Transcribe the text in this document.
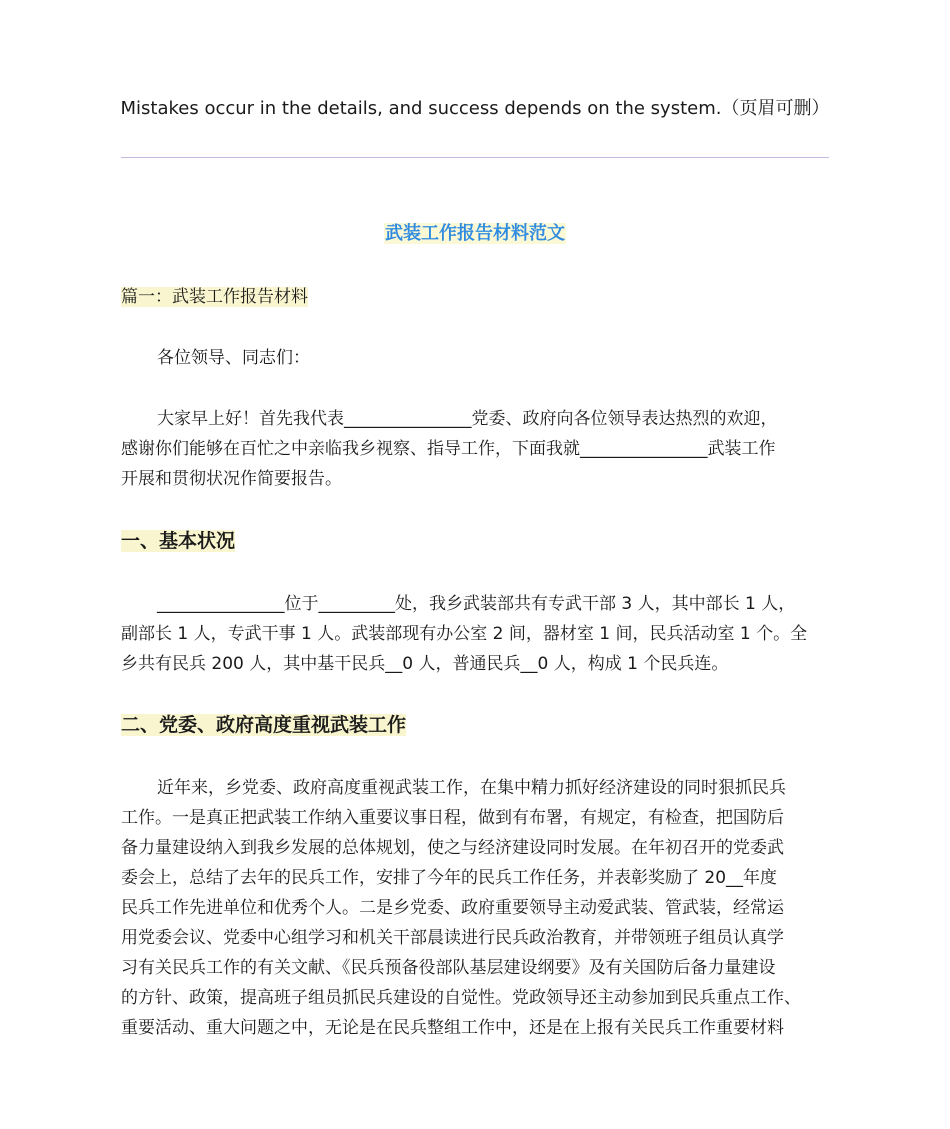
Mistakes occur in the details, and success depends on the system.（页眉可删）
武装工作报告材料范文
篇一：武装工作报告材料
各位领导、同志们：
大家早上好！首先我代表_______________党委、政府向各位领导表达热烈的欢迎，
感谢你们能够在百忙之中亲临我乡视察、指导工作，下面我就_______________武装工作
开展和贯彻状况作简要报告。
一、基本状况
_______________位于_________处，我乡武装部共有专武干部 3 人，其中部长 1 人，
副部长 1 人，专武干事 1 人。武装部现有办公室 2 间，器材室 1 间，民兵活动室 1 个。全
乡共有民兵 200 人，其中基干民兵__0 人，普通民兵__0 人，构成 1 个民兵连。
二、党委、政府高度重视武装工作
近年来，乡党委、政府高度重视武装工作，在集中精力抓好经济建设的同时狠抓民兵
工作。一是真正把武装工作纳入重要议事日程，做到有布署，有规定，有检查，把国防后
备力量建设纳入到我乡发展的总体规划，使之与经济建设同时发展。在年初召开的党委武
委会上，总结了去年的民兵工作，安排了今年的民兵工作任务，并表彰奖励了 20__年度
民兵工作先进单位和优秀个人。二是乡党委、政府重要领导主动爱武装、管武装，经常运
用党委会议、党委中心组学习和机关干部晨读进行民兵政治教育，并带领班子组员认真学
习有关民兵工作的有关文献、《民兵预备役部队基层建设纲要》及有关国防后备力量建设
的方针、政策，提高班子组员抓民兵建设的自觉性。党政领导还主动参加到民兵重点工作、
重要活动、重大问题之中，无论是在民兵整组工作中，还是在上报有关民兵工作重要材料
